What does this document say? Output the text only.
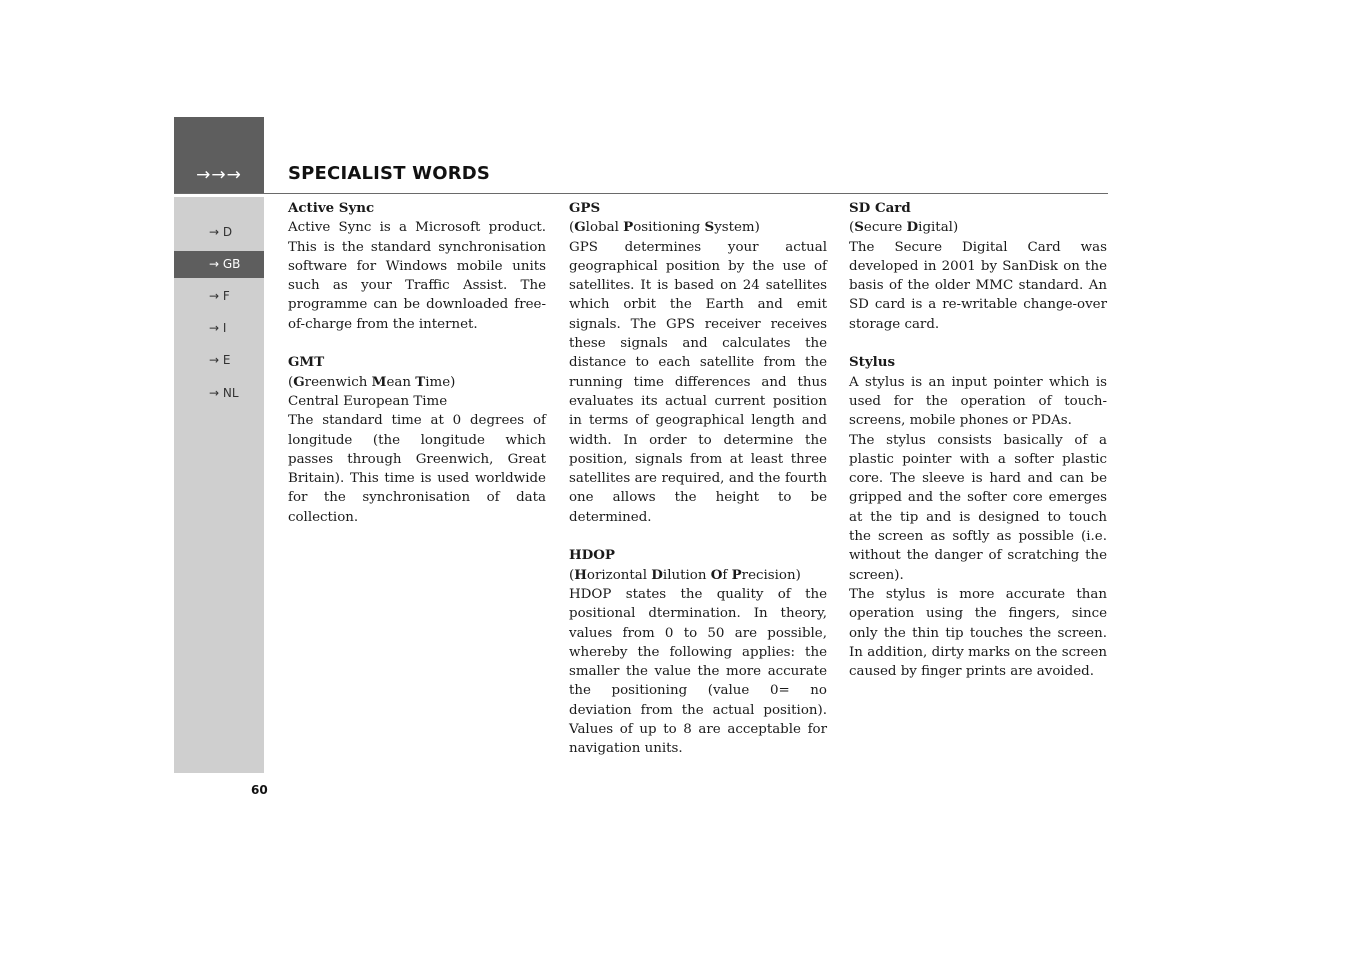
→→→	SPECIALIST WORDS
→ D
→ GB
→ F
→ I
→ E
→ NL
60
Active Sync

Active Sync is a Microsoft product. This is the standard synchronisation software for Windows mobile units such as your Traffic Assist. The programme can be downloaded free-of-charge from the internet.

GMT
(Greenwich Mean Time)
Central European Time

The standard time at 0 degrees of longitude (the longitude which passes through Greenwich, Great Britain). This time is used worldwide for the synchronisation of data collection.

GPS
(Global Positioning System)

GPS determines your actual geographical position by the use of satellites. It is based on 24 satellites which orbit the Earth and emit signals. The GPS receiver receives these signals and calculates the distance to each satellite from the running time differences and thus evaluates its actual current position in terms of geographical length and width. In order to determine the position, signals from at least three satellites are required, and the fourth one allows the height to be determined.

HDOP
(Horizontal Dilution Of Precision)

HDOP states the quality of the positional dtermination. In theory, values from 0 to 50 are possible, whereby the following applies: the smaller the value the more accurate the positioning (value 0= no deviation from the actual position). Values of up to 8 are acceptable for navigation units.

SD Card
(Secure Digital)

The Secure Digital Card was developed in 2001 by SanDisk on the basis of the older MMC standard. An SD card is a re-writable change-over storage card.

Stylus

A stylus is an input pointer which is used for the operation of touch-screens, mobile phones or PDAs.

The stylus consists basically of a plastic pointer with a softer plastic core. The sleeve is hard and can be gripped and the softer core emerges at the tip and is designed to touch the screen as softly as possible (i.e. without the danger of scratching the screen).

The stylus is more accurate than operation using the fingers, since only the thin tip touches the screen. In addition, dirty marks on the screen caused by finger prints are avoided.
